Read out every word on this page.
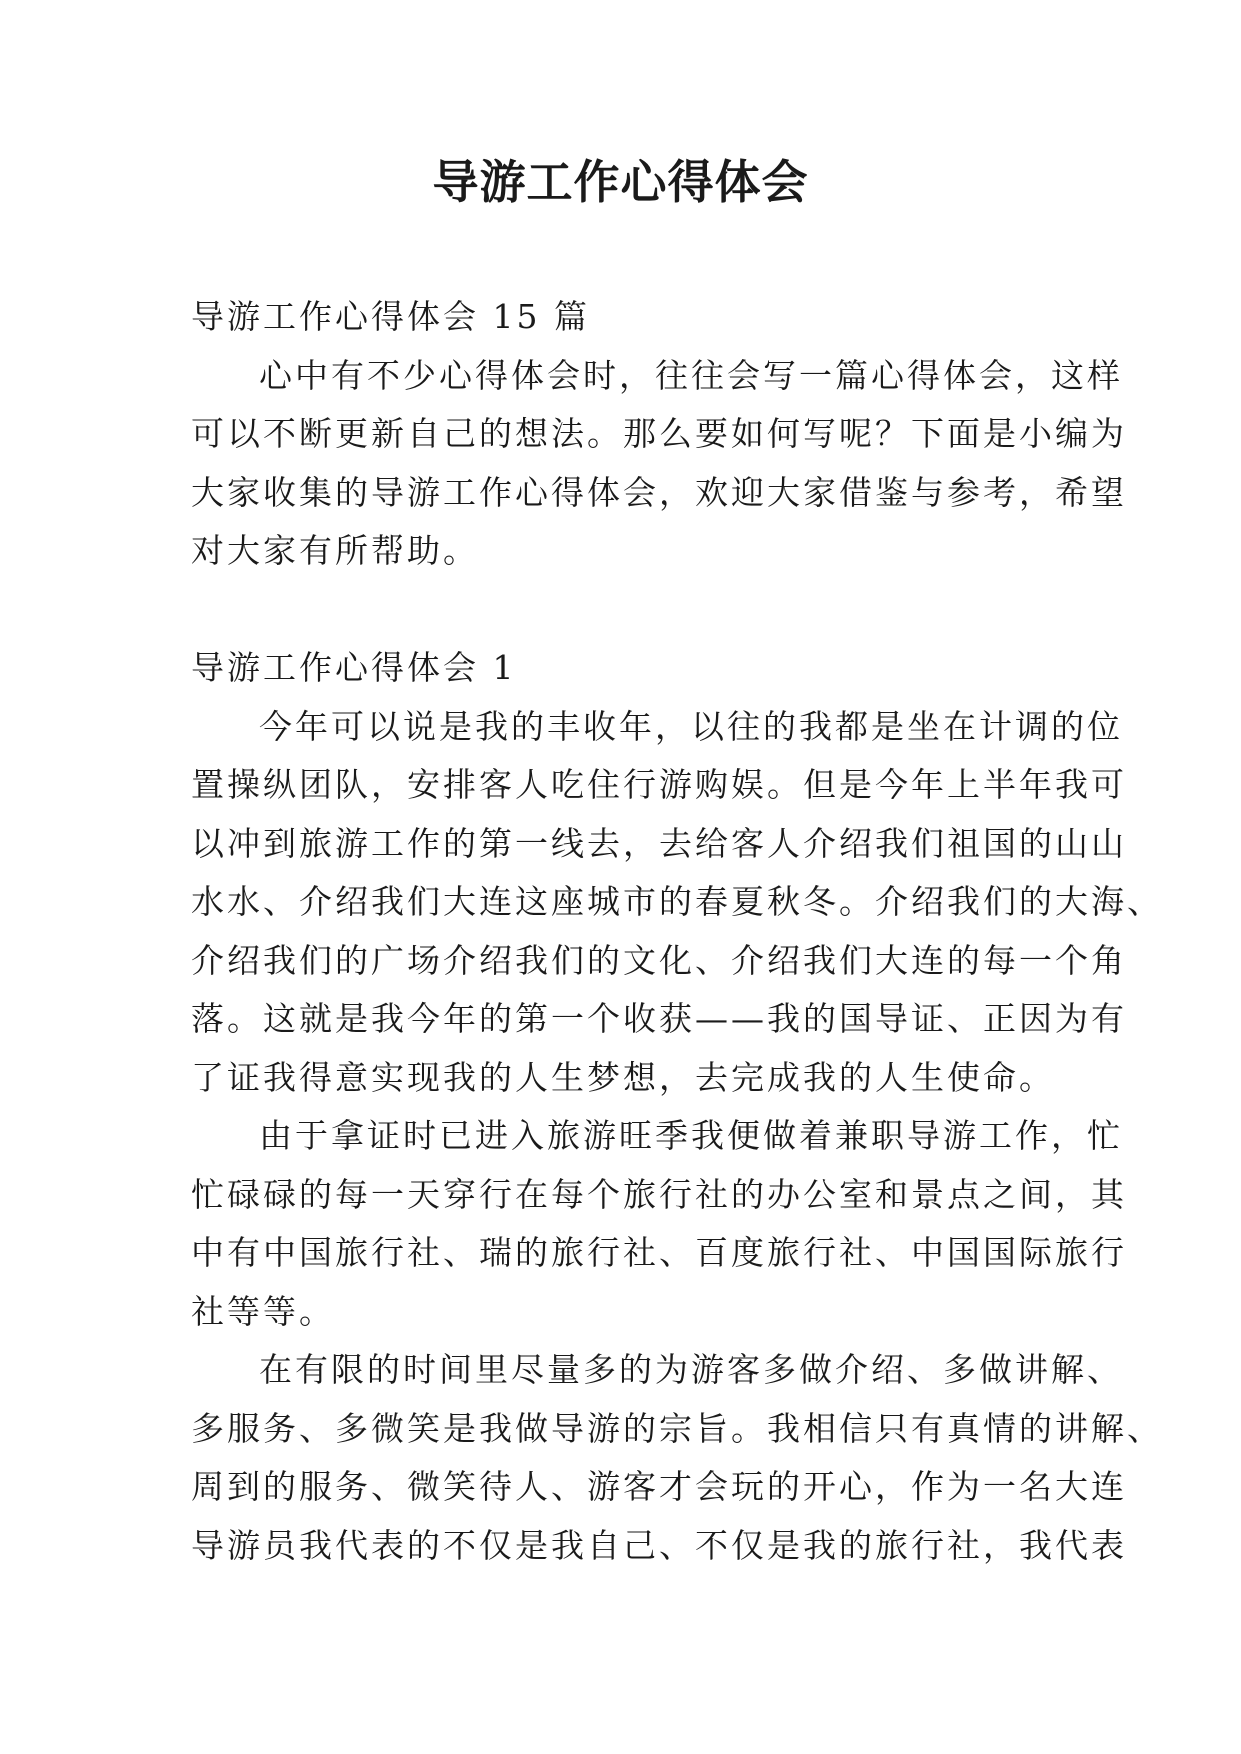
导游工作心得体会
导游工作心得体会 15 篇
心中有不少心得体会时，往往会写一篇心得体会，这样
可以不断更新自己的想法。那么要如何写呢？下面是小编为
大家收集的导游工作心得体会，欢迎大家借鉴与参考，希望
对大家有所帮助。
导游工作心得体会 1
今年可以说是我的丰收年，以往的我都是坐在计调的位
置操纵团队，安排客人吃住行游购娱。但是今年上半年我可
以冲到旅游工作的第一线去，去给客人介绍我们祖国的山山
水水、介绍我们大连这座城市的春夏秋冬。介绍我们的大海、
介绍我们的广场介绍我们的文化、介绍我们大连的每一个角
落。这就是我今年的第一个收获——我的国导证、正因为有
了证我得意实现我的人生梦想，去完成我的人生使命。
由于拿证时已进入旅游旺季我便做着兼职导游工作，忙
忙碌碌的每一天穿行在每个旅行社的办公室和景点之间，其
中有中国旅行社、瑞的旅行社、百度旅行社、中国国际旅行
社等等。
在有限的时间里尽量多的为游客多做介绍、多做讲解、
多服务、多微笑是我做导游的宗旨。我相信只有真情的讲解、
周到的服务、微笑待人、游客才会玩的开心，作为一名大连
导游员我代表的不仅是我自己、不仅是我的旅行社，我代表
